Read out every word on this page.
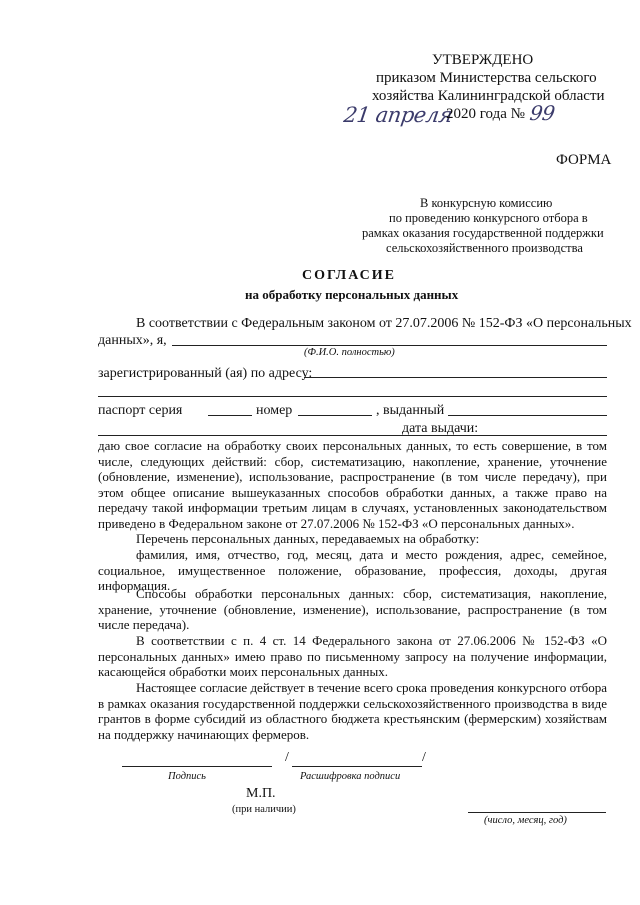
УТВЕРЖДЕНО
приказом Министерства сельского
хозяйства Калининградской области
21 апреля
2020 года № 99
ФОРМА
В конкурсную комиссию
по проведению конкурсного отбора в
рамках оказания государственной поддержки
сельскохозяйственного производства
СОГЛАСИЕ
на обработку персональных данных
В соответствии с Федеральным законом от 27.07.2006 № 152-ФЗ «О персональных
данных», я,
(Ф.И.О. полностью)
зарегистрированный (ая) по адресу:
паспорт серия	номер	, выданный
дата выдачи:
даю свое согласие на обработку своих персональных данных, то есть совершение, в том числе, следующих действий: сбор, систематизацию, накопление, хранение, уточнение (обновление, изменение), использование, распространение (в том числе передачу), при этом общее описание вышеуказанных способов обработки данных, а также право на передачу такой информации третьим лицам в случаях, установленных законодательством приведено в Федеральном законе от 27.07.2006 № 152-ФЗ «О персональных данных».
Перечень персональных данных, передаваемых на обработку:
фамилия, имя, отчество, год, месяц, дата и место рождения, адрес, семейное, социальное, имущественное положение, образование, профессия, доходы, другая информация.
Способы обработки персональных данных: сбор, систематизация, накопление, хранение, уточнение (обновление, изменение), использование, распространение (в том числе передача).
В соответствии с п. 4 ст. 14 Федерального закона от 27.06.2006 № 152-ФЗ «О персональных данных» имею право по письменному запросу на получение информации, касающейся обработки моих персональных данных.
Настоящее согласие действует в течение всего срока проведения конкурсного отбора в рамках оказания государственной поддержки сельскохозяйственного производства в виде грантов в форме субсидий из областного бюджета крестьянским (фермерским) хозяйствам на поддержку начинающих фермеров.
/	/
Подпись	Расшифровка подписи
М.П.
(при наличии)
(число, месяц, год)
